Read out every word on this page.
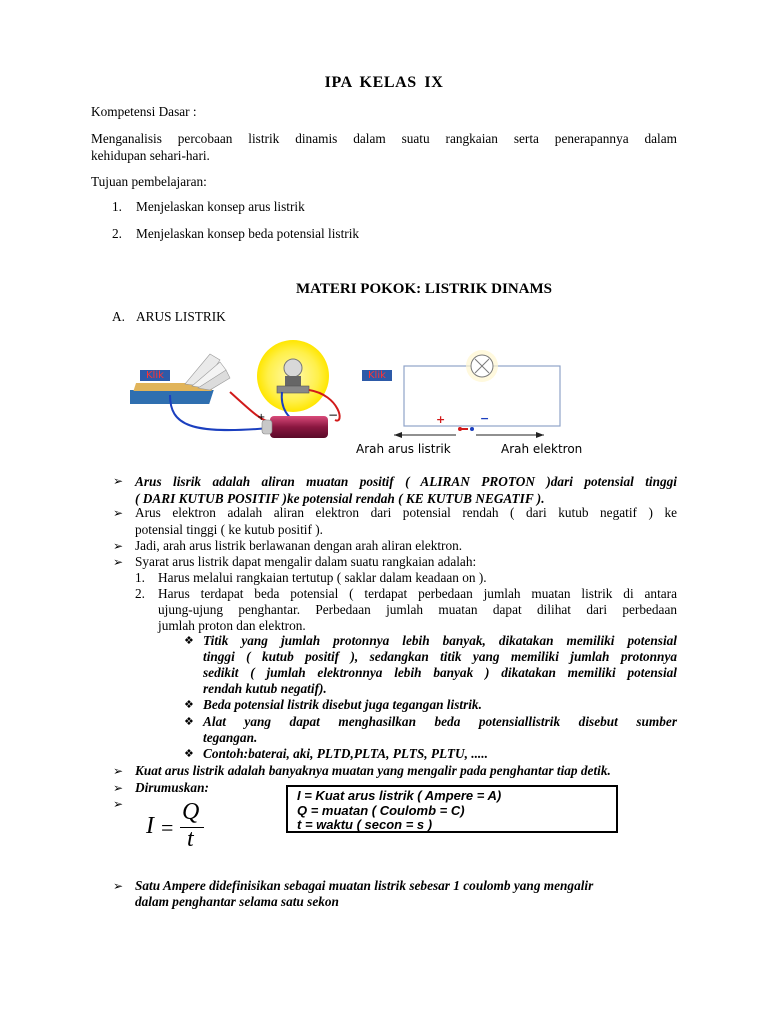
IPA KELAS IX
Kompetensi Dasar :
Menganalisis percobaan listrik dinamis dalam suatu rangkaian serta penerapannya dalam
kehidupan sehari-hari.
Tujuan pembelajaran:
1. Menjelaskan konsep arus listrik
2. Menjelaskan konsep beda potensial listrik
MATERI POKOK: LISTRIK DINAMS
A. ARUS LISTRIK
Klik
+	−
Klik
+	−
Arah arus listrik	Arah elektron
➢ Arus lisrik adalah aliran muatan positif ( ALIRAN PROTON )dari potensial tinggi
( DARI KUTUB POSITIF )ke potensial rendah ( KE KUTUB NEGATIF ).
➢ Arus elektron adalah aliran elektron dari potensial rendah ( dari kutub negatif ) ke
potensial tinggi ( ke kutub positif ).
➢ Jadi, arah arus listrik berlawanan dengan arah aliran elektron.
➢ Syarat arus listrik dapat mengalir dalam suatu rangkaian adalah:
1. Harus melalui rangkaian tertutup ( saklar dalam keadaan on ).
2. Harus terdapat beda potensial ( terdapat perbedaan jumlah muatan listrik di antara
ujung-ujung penghantar. Perbedaan jumlah muatan dapat dilihat dari perbedaan
jumlah proton dan elektron.
❖ Titik yang jumlah protonnya lebih banyak, dikatakan memiliki potensial
tinggi ( kutub positif ), sedangkan titik yang memiliki jumlah protonnya
sedikit ( jumlah elektronnya lebih banyak ) dikatakan memiliki potensial
rendah kutub negatif).
❖ Beda potensial listrik disebut juga tegangan listrik.
❖ Alat yang dapat menghasilkan beda potensiallistrik disebut sumber
tegangan.
❖ Contoh:baterai, aki, PLTD,PLTA, PLTS, PLTU, .....
➢ Kuat arus listrik adalah banyaknya muatan yang mengalir pada penghantar tiap detik.
➢ Dirumuskan:
➢
I =
Q
t
I = Kuat arus listrik ( Ampere = A)
Q = muatan ( Coulomb = C)
t = waktu ( secon = s )
➢ Satu Ampere didefinisikan sebagai muatan listrik sebesar 1 coulomb yang mengalir
dalam penghantar selama satu sekon
